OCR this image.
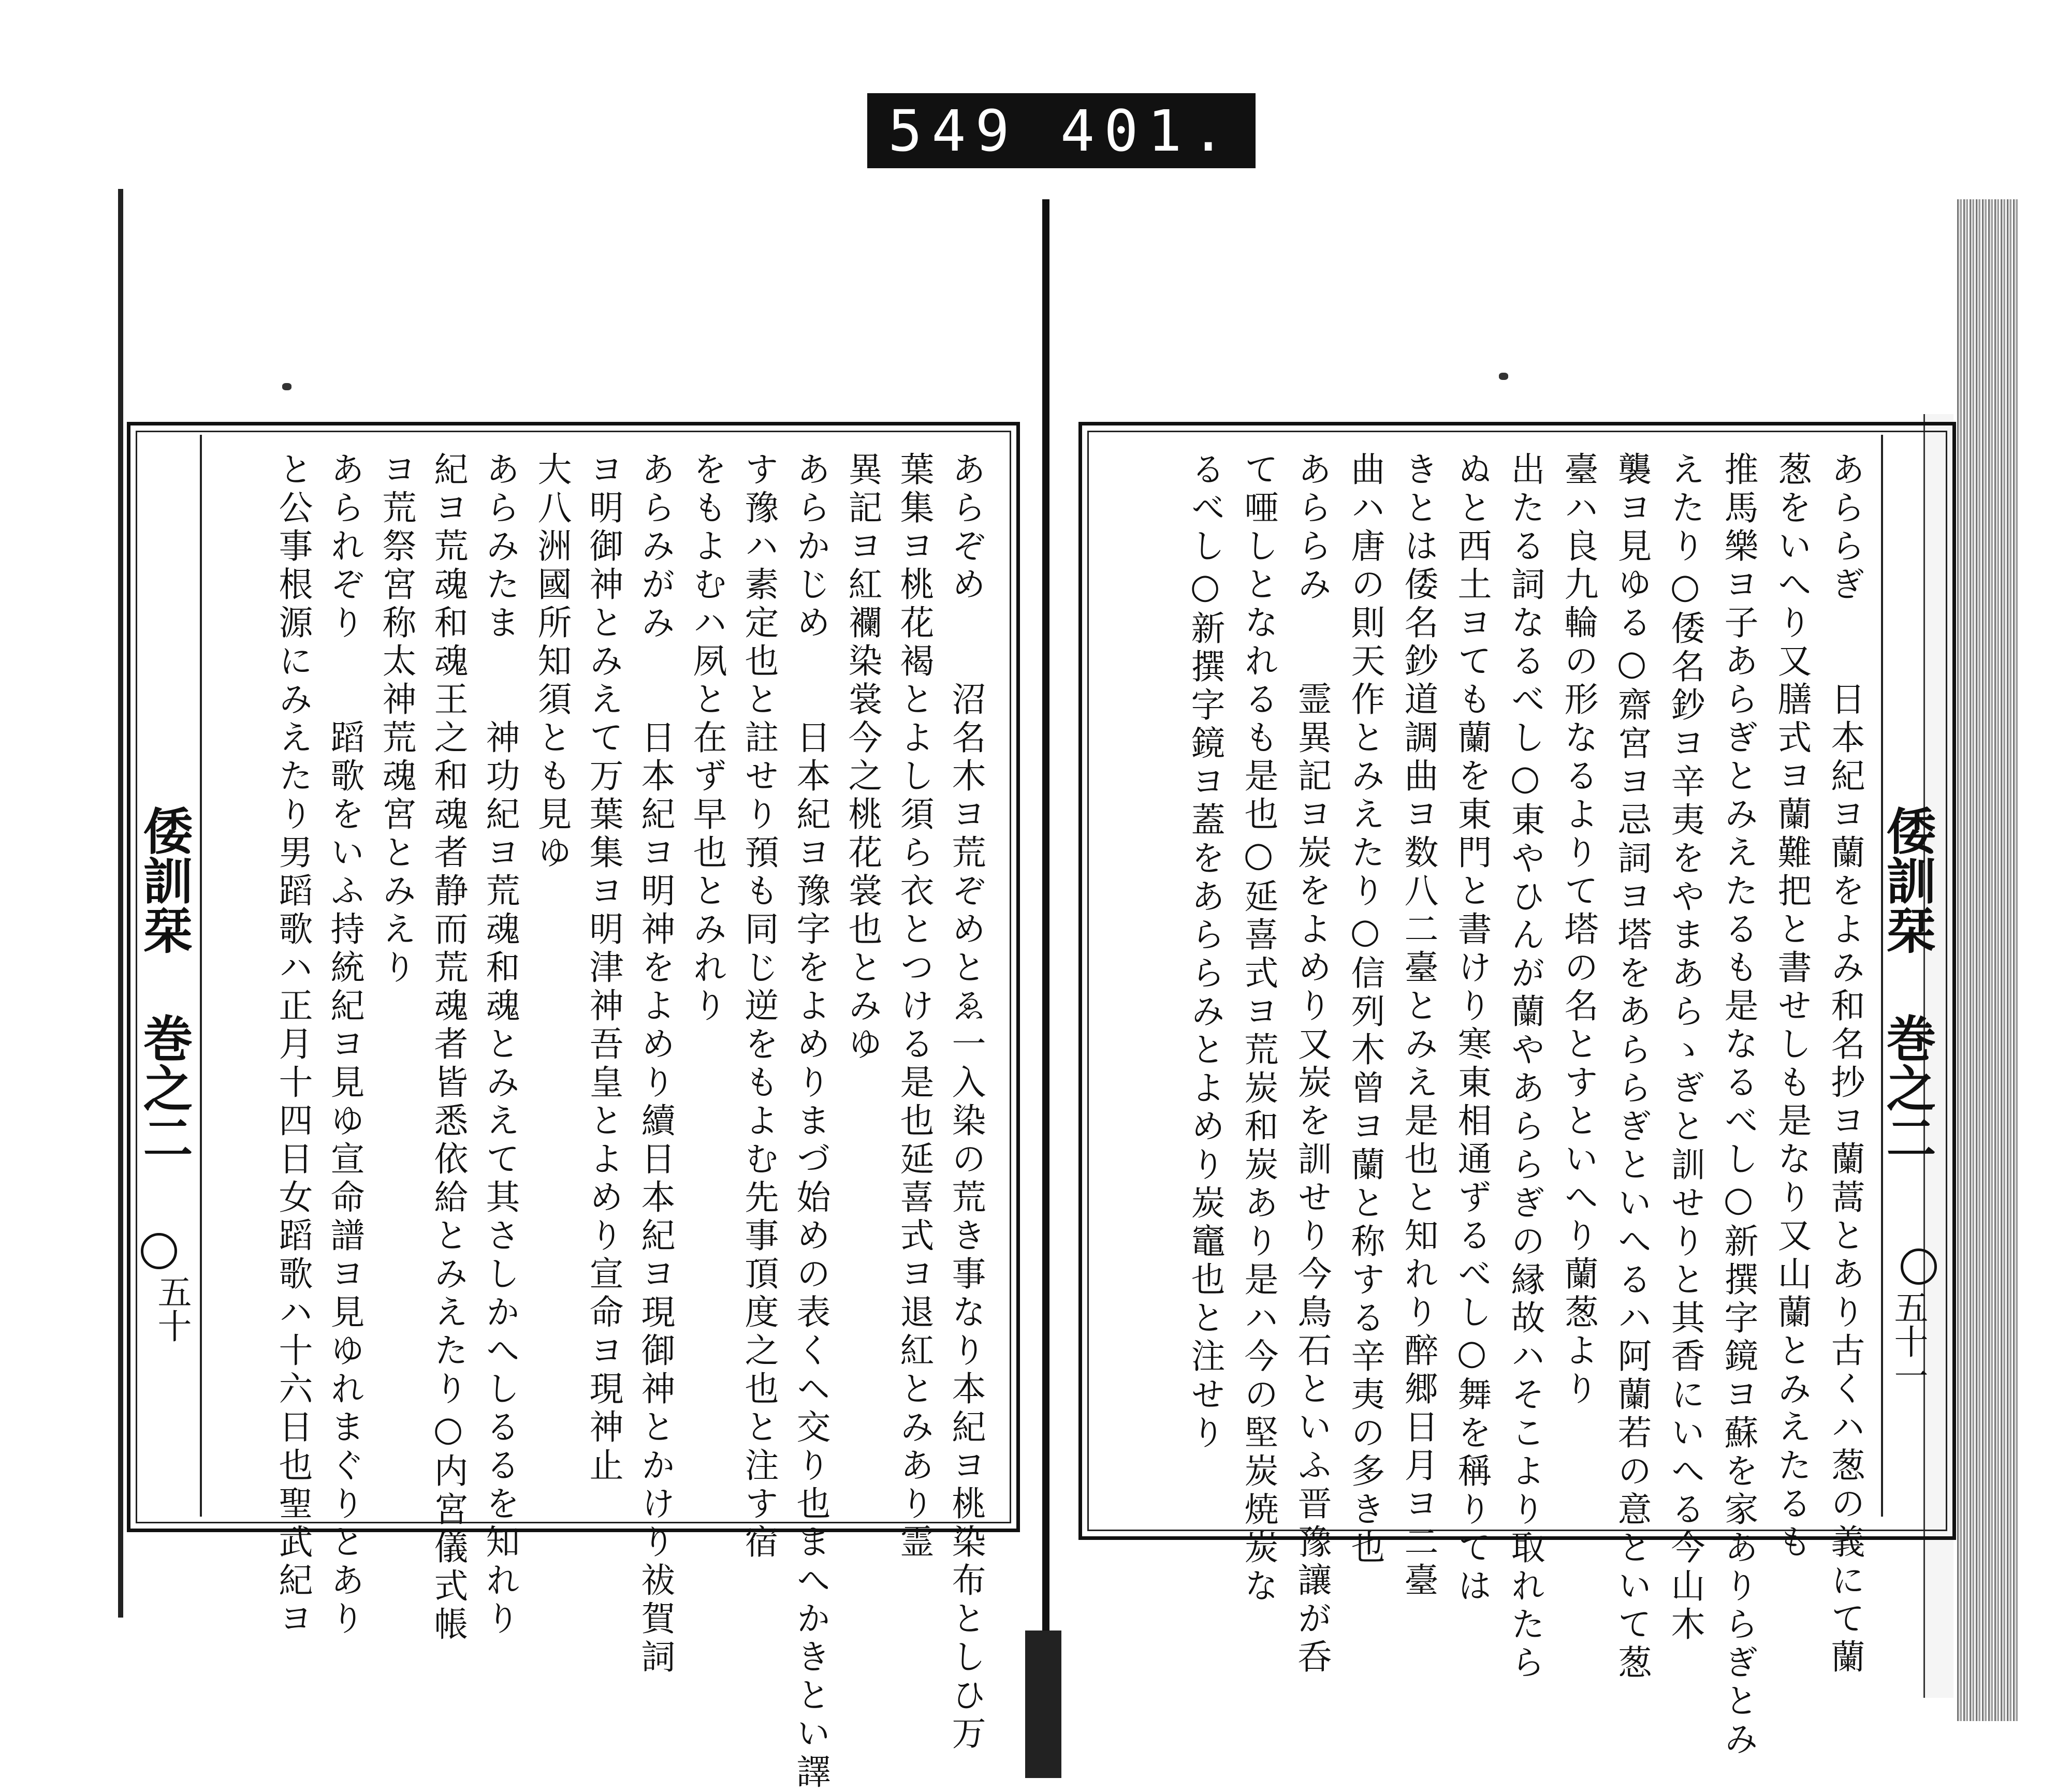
549 401.
倭訓栞 巻之二
五十	あらぞめ　　沼名木ヨ荒ぞめとゑ一入染の荒き事なり本紀ヨ桃染布としひ万
葉集ヨ桃花褐とよし須ら衣とつける是也延喜式ヨ退紅とみあり霊
異記ヨ紅襴染裳今之桃花裳也とみゆ
あらかじめ　　日本紀ヨ豫字をよめりまづ始めの表くヘ交り也まへかきとい譯
す豫ハ素定也と註せり預も同じ逆をもよむ先事頂度之也と注す宿
をもよむハ夙と在ず早也とみれり
あらみがみ　　日本紀ヨ明神をよめり續日本紀ヨ現御神とかけり祓賀詞
ヨ明御神とみえて万葉集ヨ明津神吾皇とよめり宣命ヨ現神止
大八洲國所知須とも見ゆ
あらみたま　　神功紀ヨ荒魂和魂とみえて其さしかへしるるを知れり
紀ヨ荒魂和魂王之和魂者静而荒魂者皆悉依給とみえたり○内宮儀式帳
ヨ荒祭宮称太神荒魂宮とみえり
あられぞり　　蹈歌をいふ持統紀ヨ見ゆ宣命譜ヨ見ゆれまぐりとあり
と公事根源にみえたり男蹈歌ハ正月十四日女蹈歌ハ十六日也聖武紀ヨ	倭訓栞 巻之二
五十一
あららぎ　　日本紀ヨ蘭をよみ和名抄ヨ蘭蒿とあり古くハ葱の義にて蘭
葱をいへり又膳式ヨ蘭難把と書せしも是なり又山蘭とみえたるも
推馬樂ヨ子あらぎとみえたるも是なるべし○新撰字鏡ヨ蘇を家ありらぎとみ
えたり○倭名鈔ヨ辛夷をやまあらゝぎと訓せりと其香にいへる今山木
襲ヨ見ゆる○齋宮ヨ忌詞ヨ塔をあららぎといへるハ阿蘭若の意といて葱
臺ハ良九輪の形なるよりて塔の名とすといへり蘭葱より
出たる詞なるべし○東やひんが蘭やあららぎの縁故ハそこより取れたら
ぬと西土ヨても蘭を東門と書けり寒東相通ずるべし○舞を稱りては
きとは倭名鈔道調曲ヨ数八二臺とみえ是也と知れり醉郷日月ヨ二臺
曲ハ唐の則天作とみえたり○信列木曾ヨ蘭と称する辛夷の多き也
あららみ　　霊異記ヨ炭をよめり又炭を訓せり今鳥石といふ晋豫讓が呑
て唖しとなれるも是也○延喜式ヨ荒炭和炭あり是ハ今の堅炭焼炭な
るべし○新撰字鏡ヨ蓋をあららみとよめり炭竈也と注せり
